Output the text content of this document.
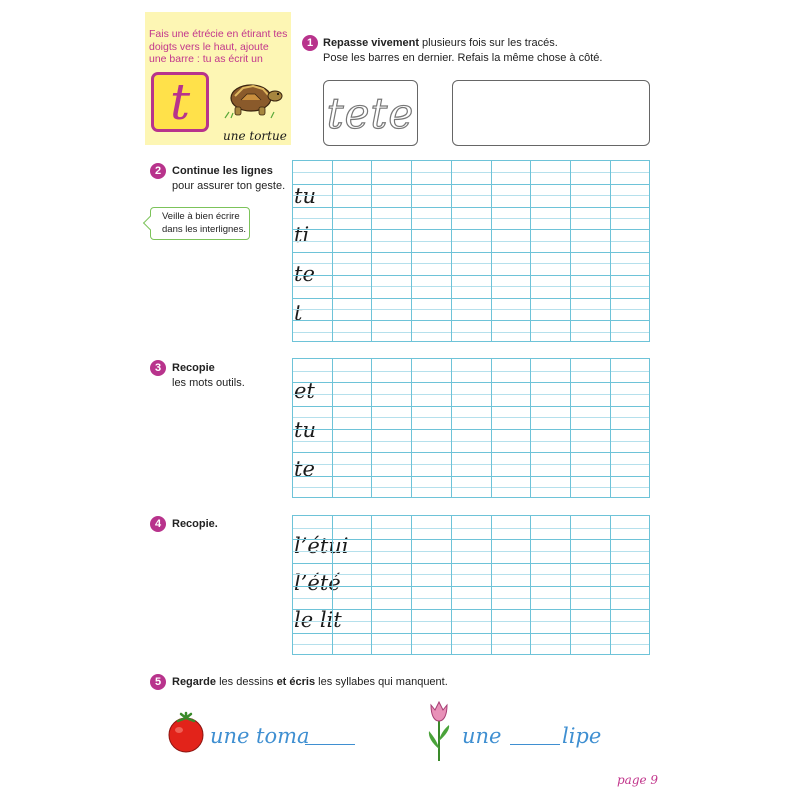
Fais une étrécie en étirant tes doigts vers le haut, ajoute une barre : tu as écrit un
t
une tortue
1 Repasse vivement plusieurs fois sur les tracés.
Pose les barres en dernier. Refais la même chose à côté.
tete
2 Continue les lignes
pour assurer ton geste.
Veille à bien écrire dans les interlignes.
tu
ti
te
t
3 Recopie
les mots outils.	et
tu
te
4 Recopie.
l’étui
l’été
le lit
5 Regarde les dessins et écris les syllabes qui manquent.
une toma	une	lipe
page 9
